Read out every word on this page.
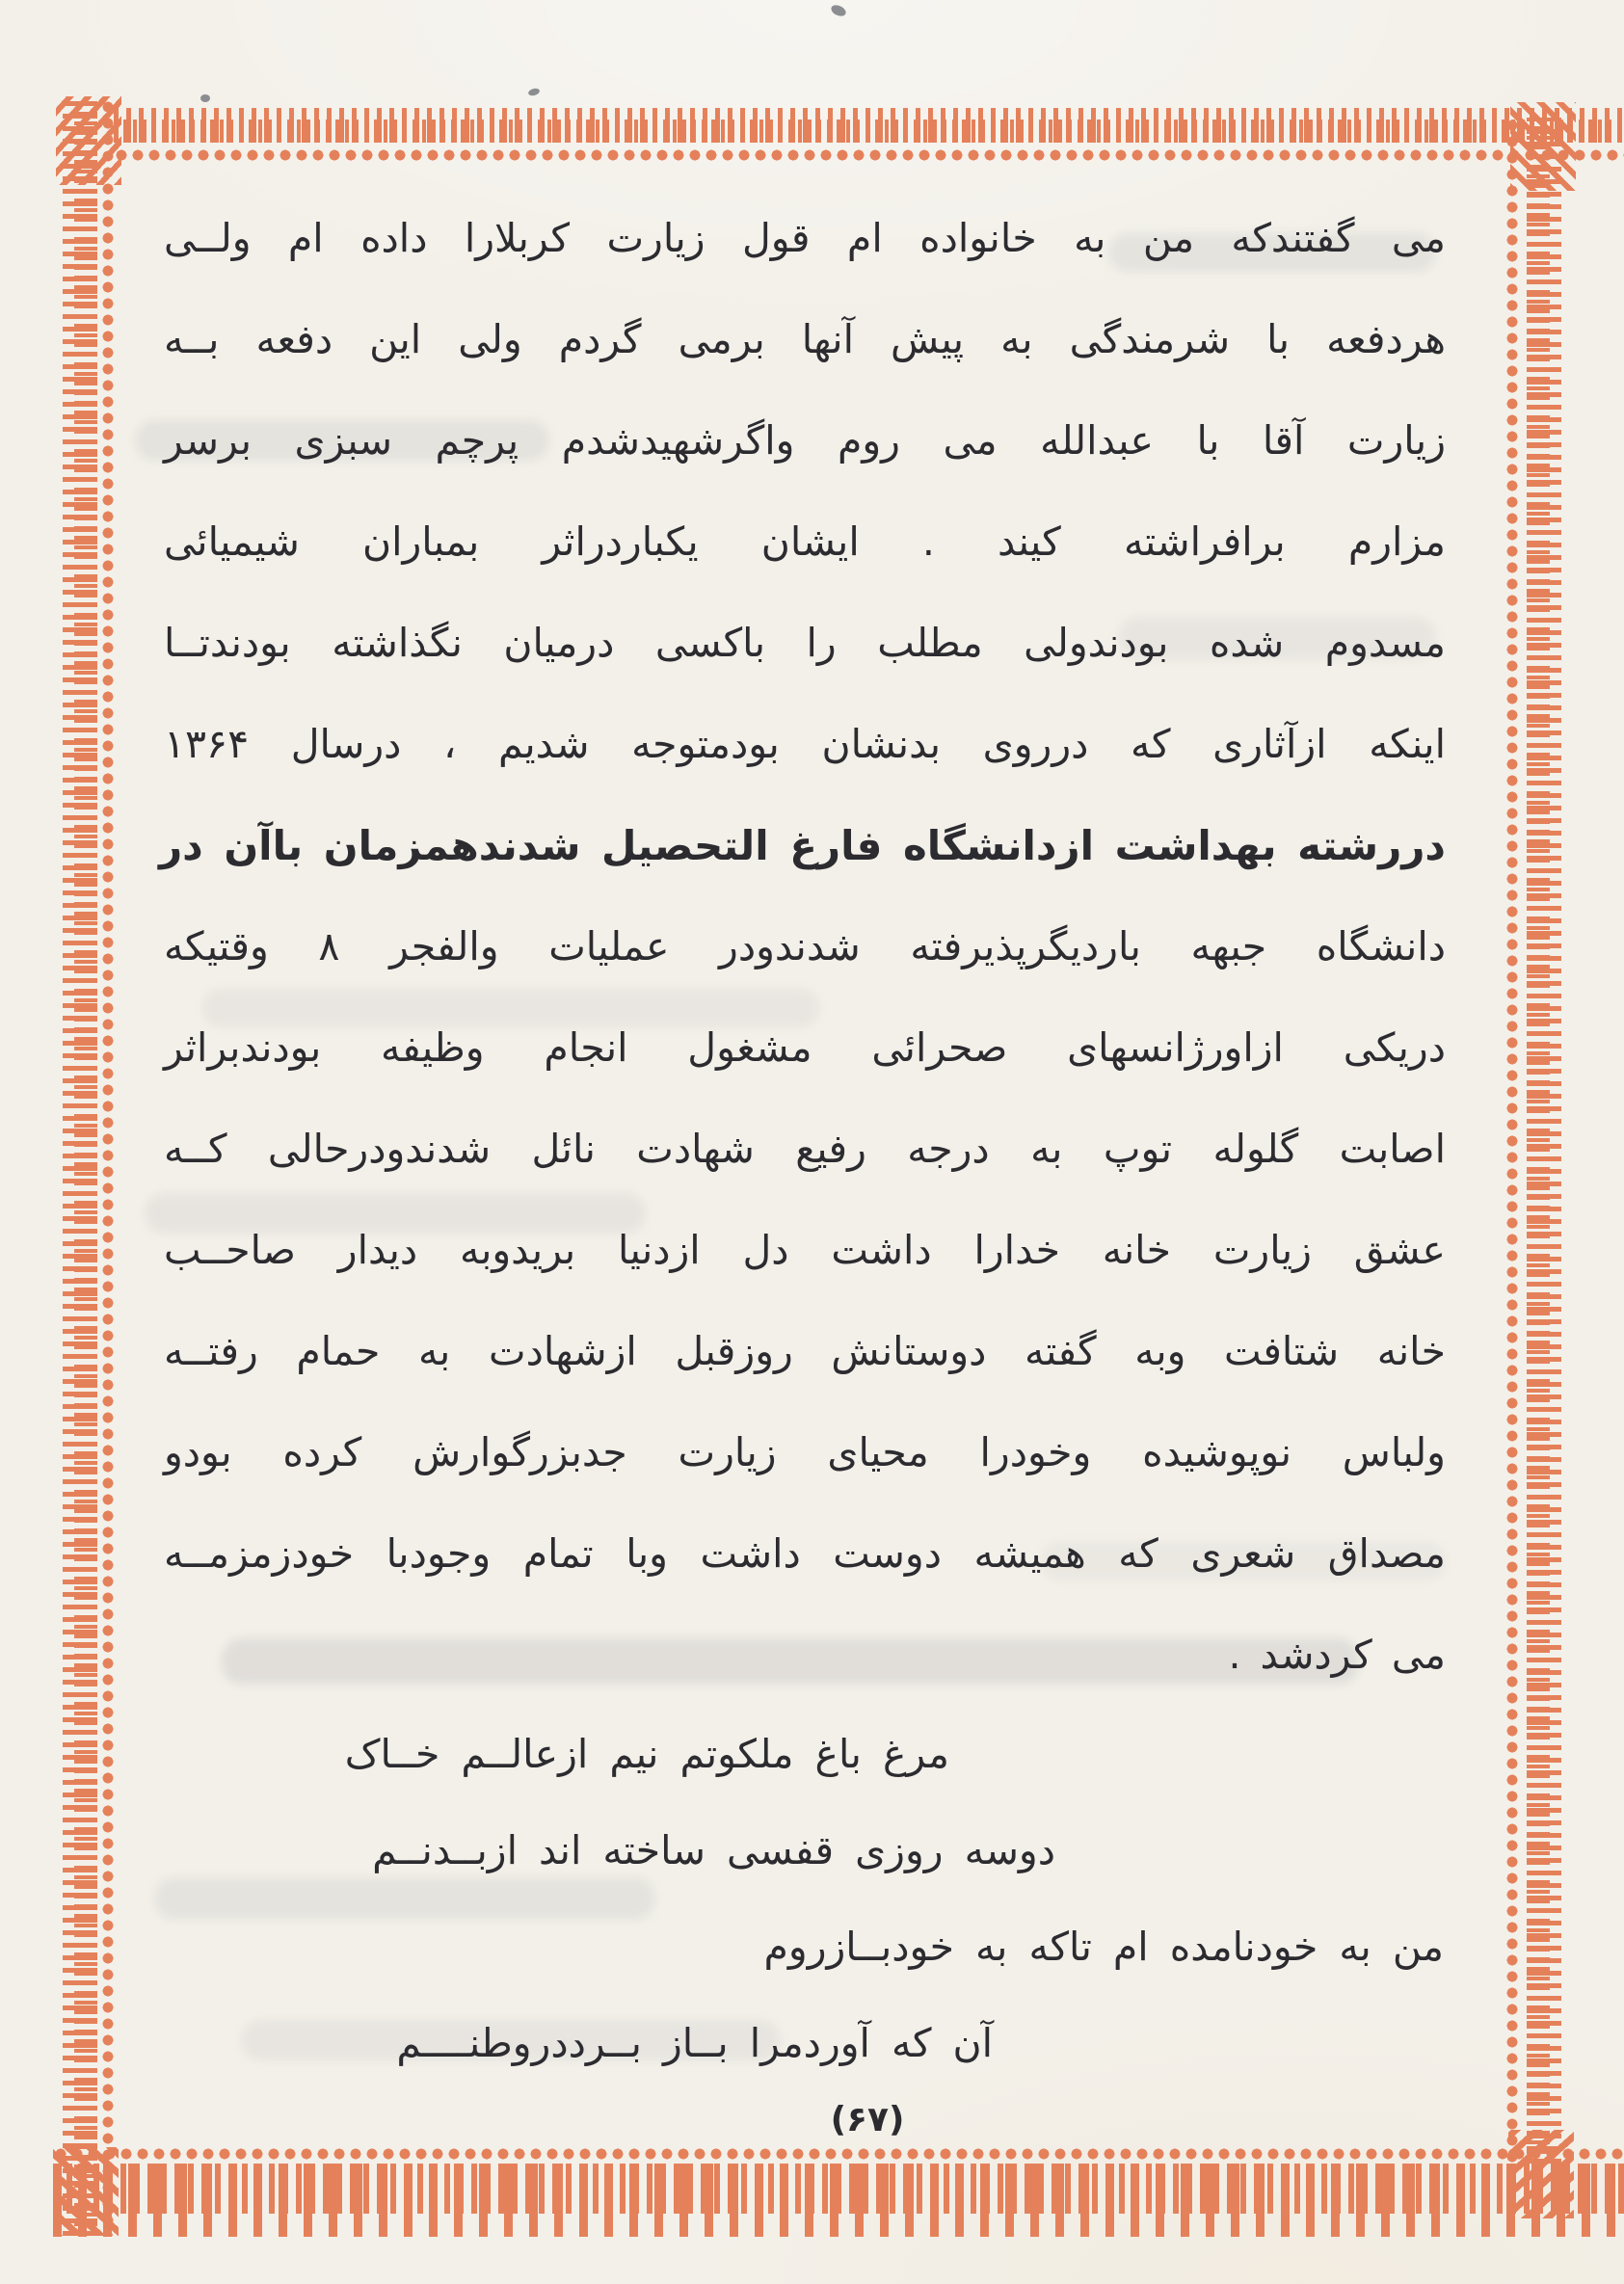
می گفتندکه من به خانواده ام قول زیارت کربلارا داده ام ولــی
هردفعه با شرمندگی به پیش آنها برمی گردم ولی این دفعه بــه
زیارت آقا با عبدالله می روم واگرشهیدشدم پرچم سبزی برسر
مزارم برافراشته کیند . ایشان یکباردراثر بمباران شیمیائی
مسدوم شده بودندولی مطلب را باکسی درمیان نگذاشته بودندتــا
اینکه ازآثاری که درروی بدنشان بودمتوجه شدیم ، درسال ۱۳۶۴
دررشته بهداشت ازدانشگاه فارغ التحصیل شدندهمزمان باآن در
دانشگاه جبهه باردیگرپذیرفته شدندودر عملیات والفجر ۸ وقتیکه
دریکی ازاورژانسهای صحرائی مشغول انجام وظیفه بودندبراثر
اصابت گلوله توپ به درجه رفیع شهادت نائل شدندودرحالی کــه
عشق زیارت خانه خدارا داشت دل ازدنیا بریدوبه دیدار صاحــب
خانه شتافت وبه گفته دوستانش روزقبل ازشهادت به حمام رفتــه
ولباس نوپوشیده وخودرا محیای زیارت جدبزرگوارش کرده بودو
مصداق شعری که همیشه دوست داشت وبا تمام وجودبا خودزمزمــه
می کردشد .
مرغ باغ ملکوتم نیم ازعالــم خــاک
دوسه روزی قفسی ساخته اند ازبــدنــم
من به خودنامده ام تاکه به خودبــازروم
آن که آوردمرا بــاز بــرددروطنــــم
(۶۷)
